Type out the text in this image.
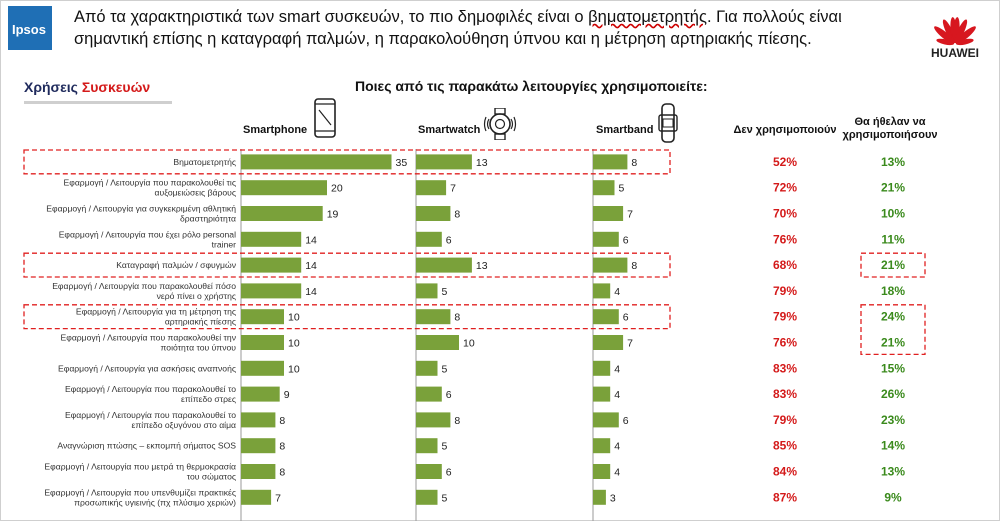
Ipsos
Από τα χαρακτηριστικά των smart συσκευών, το πιο δημοφιλές είναι ο βηματομετρητής. Για πολλούς είναι σημαντική επίσης η καταγραφή παλμών, η παρακολούθηση ύπνου και η μέτρηση αρτηριακής πίεσης.
HUAWEI
Χρήσεις Συσκευών	Ποιες από τις παρακάτω λειτουργίες χρησιμοποιείτε:
Smartphone	Smartwatch	Smartband	Δεν χρησιμοποιούν
Θα ήθελαν να
χρησιμοποιήσουν
Βηματομετρητής	35	13	8	52%	13%
Εφαρμογή / Λειτουργία που παρακολουθεί τις
αυξομειώσεις βάρους	20	7	5	72%	21%
Εφαρμογή / Λειτουργία για συγκεκριμένη αθλητική
δραστηριότητα	19	8	7	70%	10%
Εφαρμογή / Λειτουργία που έχει ρόλο personal
trainer	14	6	6	76%	11%
Καταγραφή παλμών / σφυγμών	14	13	8	68%	21%
Εφαρμογή / Λειτουργία που παρακολουθεί πόσο
νερό πίνει ο χρήστης	14	5	4	79%	18%
Εφαρμογή / Λειτουργία για τη μέτρηση της
αρτηριακής πίεσης	10	8	6	79%	24%
Εφαρμογή / Λειτουργία που παρακολουθεί την
ποιότητα του ύπνου	10	10	7	76%	21%
Εφαρμογή / Λειτουργία για ασκήσεις αναπνοής	10	5	4	83%	15%
Εφαρμογή / Λειτουργία που παρακολουθεί το
επίπεδο στρες	9	6	4	83%	26%
Εφαρμογή / Λειτουργία που παρακολουθεί το
επίπεδο οξυγόνου στο αίμα	8	8	6	79%	23%
Αναγνώριση πτώσης – εκπομπή σήματος SOS	8	5	4	85%	14%
Εφαρμογή / Λειτουργία που μετρά τη θερμοκρασία
του σώματος	8	6	4	84%	13%
Εφαρμογή / Λειτουργία που υπενθυμίζει πρακτικές
προσωπικής υγιεινής (πχ πλύσιμο χεριών)	7	5	3	87%	9%
